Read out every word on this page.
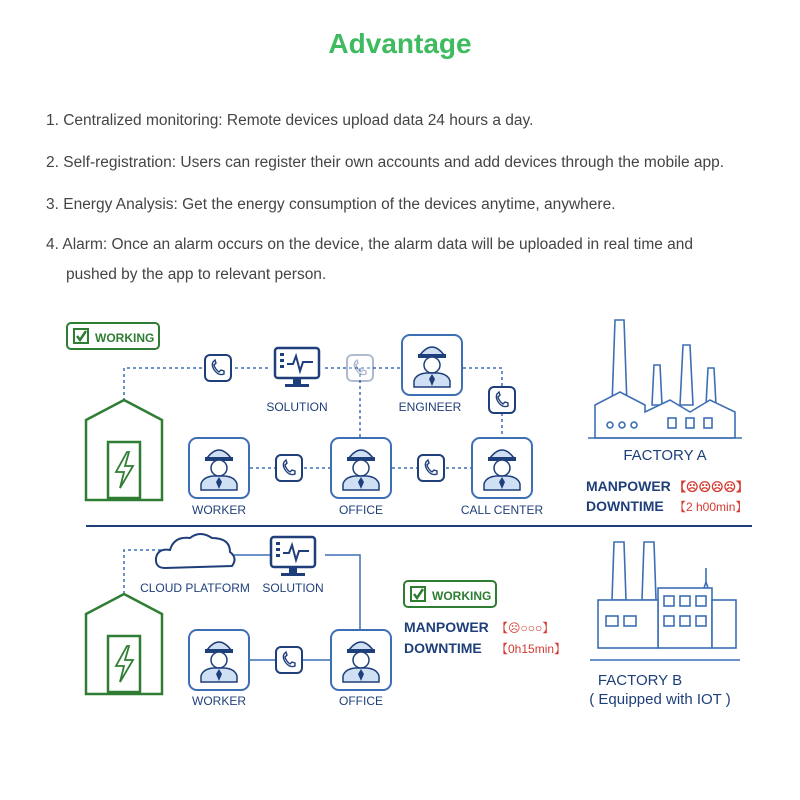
Advantage

1. Centralized monitoring: Remote devices upload data 24 hours a day.

2. Self-registration: Users can register their own accounts and add devices through the mobile app.

3. Energy Analysis: Get the energy consumption of the devices anytime, anywhere.

4. Alarm: Once an alarm occurs on the device, the alarm data will be uploaded in real time and

pushed by the app to relevant person.
WORKING
SOLUTION	ENGINEER
WORKER	OFFICE	CALL CENTER
FACTORY A
MANPOWER 【☹☹☹☹】
DOWNTIME 【2 h00min】
CLOUD PLATFORM SOLUTION
WORKING
MANPOWER 【☹○○○】
DOWNTIME 【0h15min】
WORKER	OFFICE
FACTORY B
( Equipped with IOT )
